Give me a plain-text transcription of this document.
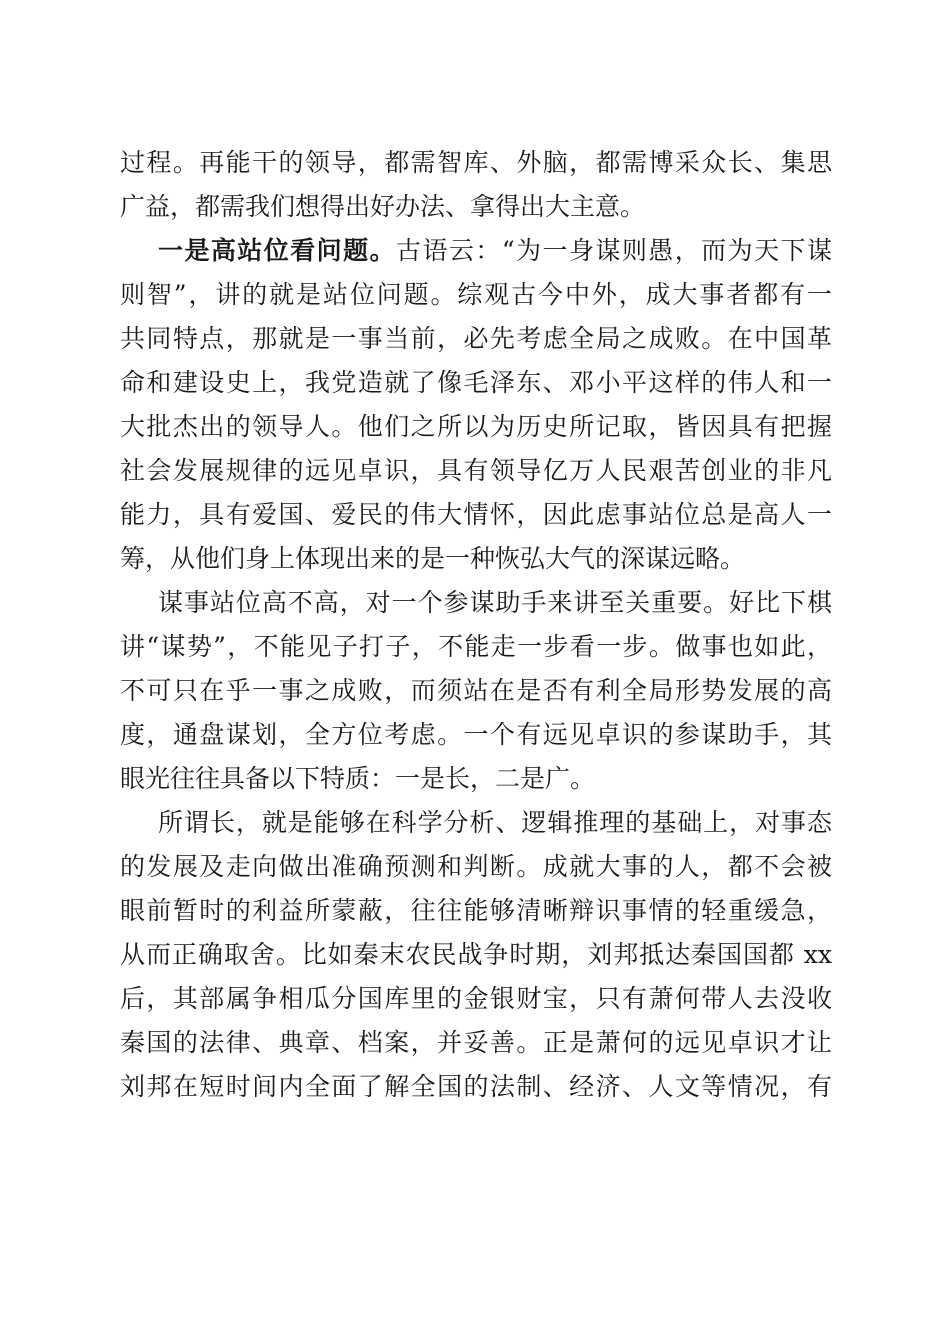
过程。再能干的领导，都需智库、外脑，都需博采众长、集思
广益，都需我们想得出好办法、拿得出大主意。
一是高站位看问题。古语云：“为一身谋则愚，而为天下谋
则智”，讲的就是站位问题。综观古今中外，成大事者都有一
共同特点，那就是一事当前，必先考虑全局之成败。在中国革
命和建设史上，我党造就了像毛泽东、邓小平这样的伟人和一
大批杰出的领导人。他们之所以为历史所记取，皆因具有把握
社会发展规律的远见卓识，具有领导亿万人民艰苦创业的非凡
能力，具有爱国、爱民的伟大情怀，因此虑事站位总是高人一
筹，从他们身上体现出来的是一种恢弘大气的深谋远略。
谋事站位高不高，对一个参谋助手来讲至关重要。好比下棋
讲“谋势”，不能见子打子，不能走一步看一步。做事也如此，
不可只在乎一事之成败，而须站在是否有利全局形势发展的高
度，通盘谋划，全方位考虑。一个有远见卓识的参谋助手，其
眼光往往具备以下特质：一是长，二是广。
所谓长，就是能够在科学分析、逻辑推理的基础上，对事态
的发展及走向做出准确预测和判断。成就大事的人，都不会被
眼前暂时的利益所蒙蔽，往往能够清晰辩识事情的轻重缓急，
从而正确取舍。比如秦末农民战争时期，刘邦抵达秦国国都 xx
后，其部属争相瓜分国库里的金银财宝，只有萧何带人去没收
秦国的法律、典章、档案，并妥善。正是萧何的远见卓识才让
刘邦在短时间内全面了解全国的法制、经济、人文等情况，有
